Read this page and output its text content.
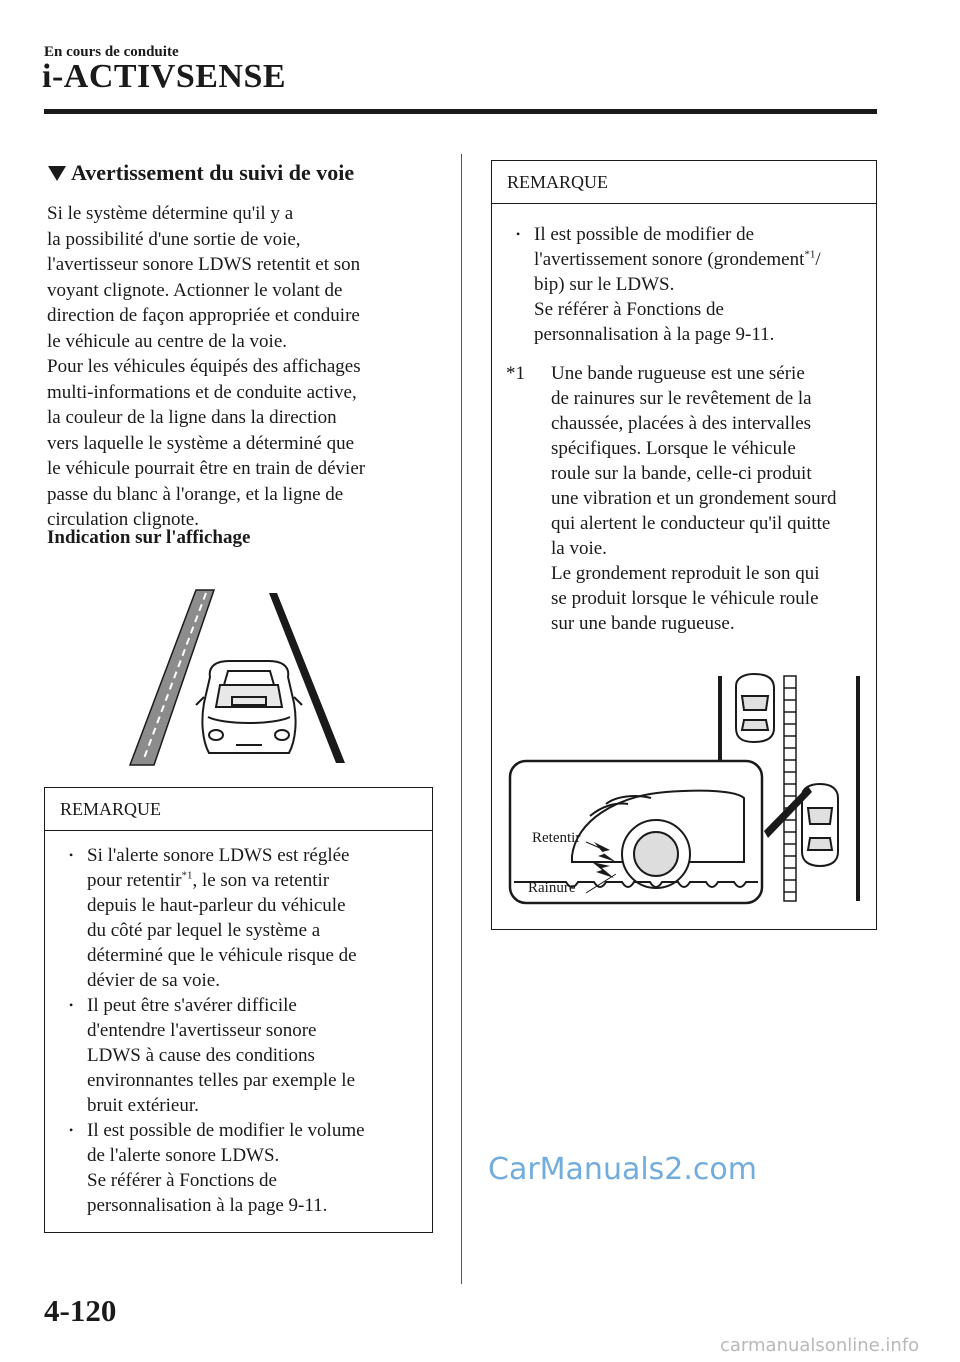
En cours de conduite
i-ACTIVSENSE
Avertissement du suivi de voie

Si le système détermine qu'il y a

la possibilité d'une sortie de voie,

l'avertisseur sonore LDWS retentit et son

voyant clignote. Actionner le volant de

direction de façon appropriée et conduire

le véhicule au centre de la voie.

Pour les véhicules équipés des affichages

multi-informations et de conduite active,

la couleur de la ligne dans la direction

vers laquelle le système a déterminé que

le véhicule pourrait être en train de dévier

passe du blanc à l'orange, et la ligne de

circulation clignote.

Indication sur l'affichage
REMARQUE
• Si l'alerte sonore LDWS est réglée
pour retentir$^{*1}$, le son va retentir
depuis le haut-parleur du véhicule
du côté par lequel le système a
déterminé que le véhicule risque de
dévier de sa voie.
• Il peut être s'avérer difficile
d'entendre l'avertisseur sonore
LDWS à cause des conditions
environnantes telles par exemple le
bruit extérieur.
• Il est possible de modifier le volume
de l'alerte sonore LDWS.
Se référer à Fonctions de
personnalisation à la page 9-11.
REMARQUE
• Il est possible de modifier de
l'avertissement sonore (grondement$^{*1}$/
bip) sur le LDWS.
Se référer à Fonctions de
personnalisation à la page 9-11.
*1 Une bande rugueuse est une série
de rainures sur le revêtement de la
chaussée, placées à des intervalles
spécifiques. Lorsque le véhicule
roule sur la bande, celle-ci produit
une vibration et un grondement sourd
qui alertent le conducteur qu'il quitte
la voie.
Le grondement reproduit le son qui
se produit lorsque le véhicule roule
sur une bande rugueuse.
Retentir
Rainure
4-120
CarManuals2.com
carmanualsonline.info
